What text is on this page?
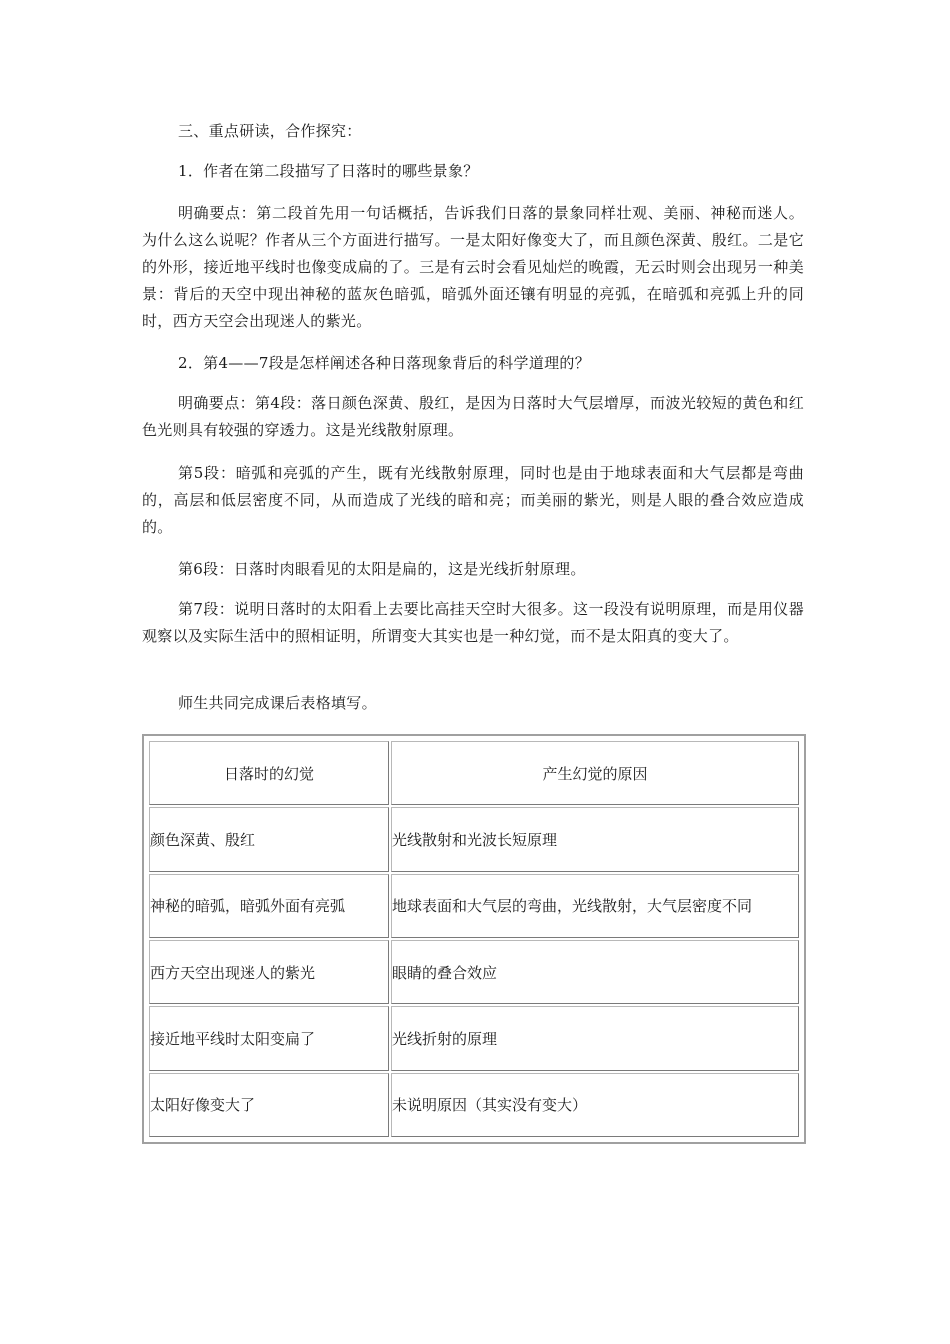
三、重点研读，合作探究：

1．作者在第二段描写了日落时的哪些景象？

明确要点：第二段首先用一句话概括，告诉我们日落的景象同样壮观、美丽、神秘而迷人。为什么这么说呢？作者从三个方面进行描写。一是太阳好像变大了，而且颜色深黄、殷红。二是它的外形，接近地平线时也像变成扁的了。三是有云时会看见灿烂的晚霞，无云时则会出现另一种美景：背后的天空中现出神秘的蓝灰色暗弧，暗弧外面还镶有明显的亮弧，在暗弧和亮弧上升的同时，西方天空会出现迷人的紫光。

2．第4——7段是怎样阐述各种日落现象背后的科学道理的？

明确要点：第4段：落日颜色深黄、殷红，是因为日落时大气层增厚，而波光较短的黄色和红色光则具有较强的穿透力。这是光线散射原理。

第5段：暗弧和亮弧的产生，既有光线散射原理，同时也是由于地球表面和大气层都是弯曲的，高层和低层密度不同，从而造成了光线的暗和亮；而美丽的紫光，则是人眼的叠合效应造成的。

第6段：日落时肉眼看见的太阳是扁的，这是光线折射原理。

第7段：说明日落时的太阳看上去要比高挂天空时大很多。这一段没有说明原理，而是用仪器观察以及实际生活中的照相证明，所谓变大其实也是一种幻觉，而不是太阳真的变大了。

师生共同完成课后表格填写。

日落时的幻觉	产生幻觉的原因
颜色深黄、殷红	光线散射和光波长短原理
神秘的暗弧，暗弧外面有亮弧	地球表面和大气层的弯曲，光线散射，大气层密度不同
西方天空出现迷人的紫光	眼睛的叠合效应
接近地平线时太阳变扁了	光线折射的原理
太阳好像变大了	未说明原因（其实没有变大）
